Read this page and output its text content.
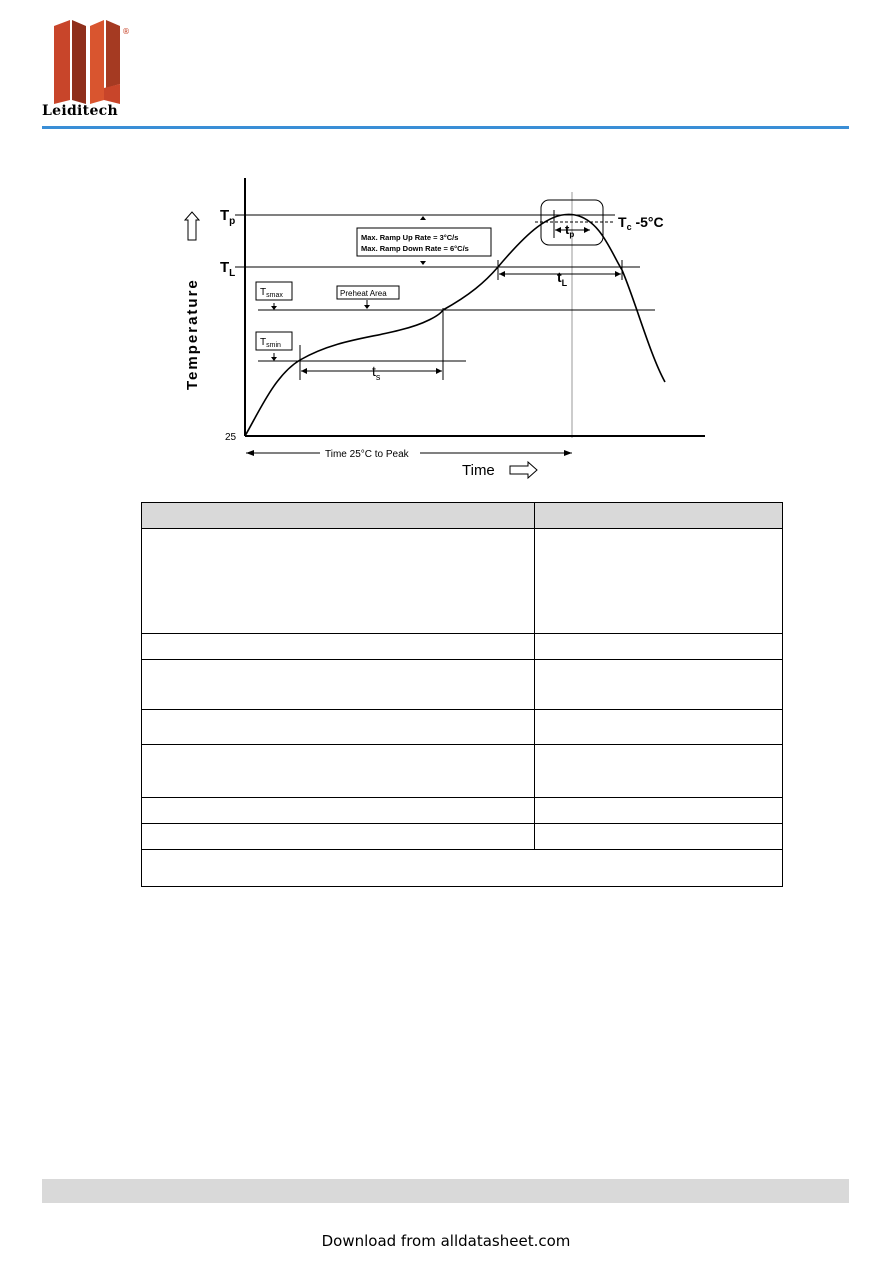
®
Leiditech
Temperature
$T_p$
$T_L$
25
$T_c$ -5°C
$T_{smax}$
$T_{smin}$
Preheat Area
Max. Ramp Up Rate = 3°C/s
Max. Ramp Down Rate = 6°C/s
$t_s$
$t_L$
$t_p$
Time 25°C to Peak
Time

Download from alldatasheet.com
